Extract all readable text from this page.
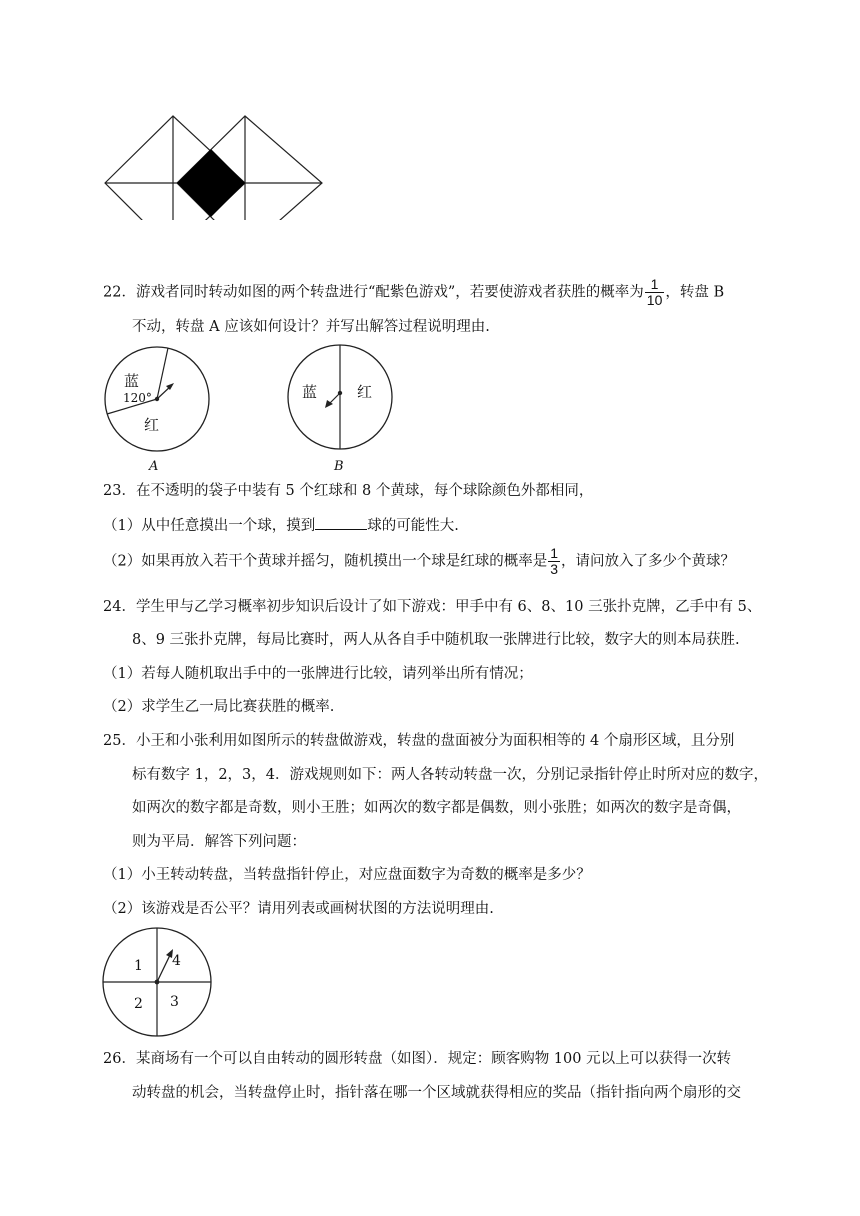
22．游戏者同时转动如图的两个转盘进行“配紫色游戏”，若要使游戏者获胜的概率为 $\frac{1}{10}$ ，转盘 B
不动，转盘 A 应该如何设计？并写出解答过程说明理由.
蓝
120°
红
A
蓝	红
B
23．在不透明的袋子中装有 5 个红球和 8 个黄球，每个球除颜色外都相同，
（1）从中任意摸出一个球，摸到	球的可能性大.
（2）如果再放入若干个黄球并摇匀，随机摸出一个球是红球的概率是 $\frac{1}{3}$ ，请问放入了多少个黄球？
24．学生甲与乙学习概率初步知识后设计了如下游戏：甲手中有 6、8、10 三张扑克牌，乙手中有 5、
8、9 三张扑克牌，每局比赛时，两人从各自手中随机取一张牌进行比较，数字大的则本局获胜.
（1）若每人随机取出手中的一张牌进行比较，请列举出所有情况；
（2）求学生乙一局比赛获胜的概率.
25．小王和小张利用如图所示的转盘做游戏，转盘的盘面被分为面积相等的 4 个扇形区域，且分别
标有数字 1，2，3，4．游戏规则如下：两人各转动转盘一次，分别记录指针停止时所对应的数字，
如两次的数字都是奇数，则小王胜；如两次的数字都是偶数，则小张胜；如两次的数字是奇偶，
则为平局．解答下列问题：
（1）小王转动转盘，当转盘指针停止，对应盘面数字为奇数的概率是多少？
（2）该游戏是否公平？请用列表或画树状图的方法说明理由.
1 4
2 3
26．某商场有一个可以自由转动的圆形转盘（如图）．规定：顾客购物 100 元以上可以获得一次转
动转盘的机会，当转盘停止时，指针落在哪一个区域就获得相应的奖品（指针指向两个扇形的交
